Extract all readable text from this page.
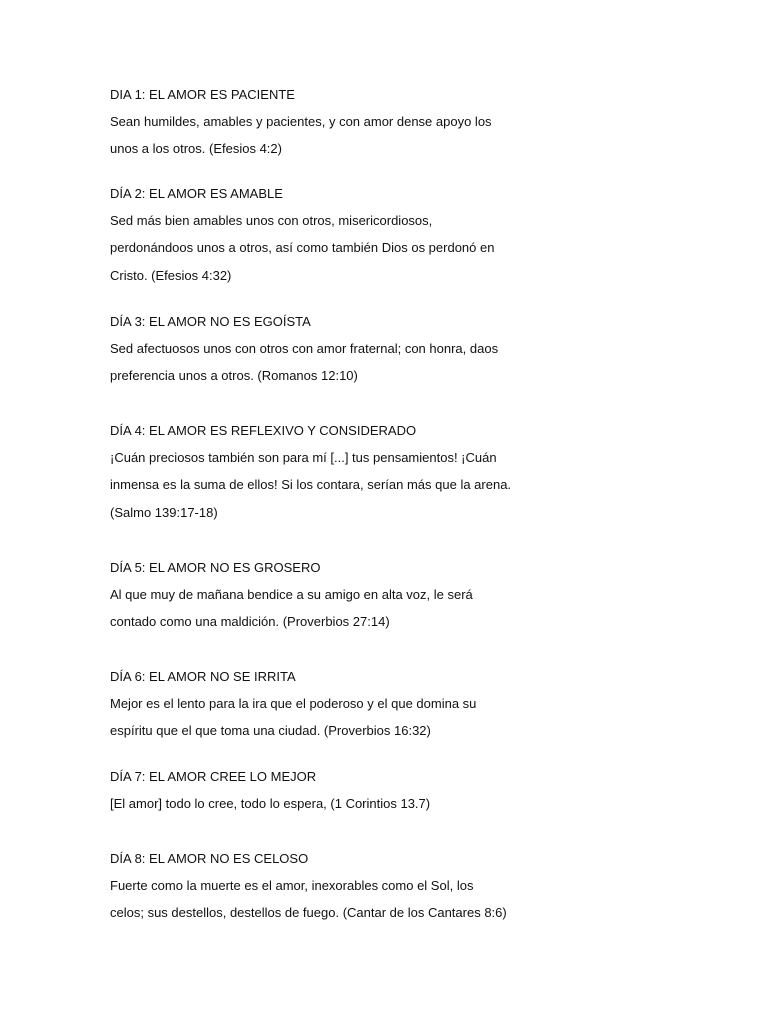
DIA 1: EL AMOR ES PACIENTE
Sean humildes, amables y pacientes, y con amor dense apoyo los
unos a los otros. (Efesios 4:2)
DÍA 2: EL AMOR ES AMABLE
Sed más bien amables unos con otros, misericordiosos,
perdonándoos unos a otros, así como también Dios os perdonó en
Cristo. (Efesios 4:32)
DÍA 3: EL AMOR NO ES EGOÍSTA
Sed afectuosos unos con otros con amor fraternal; con honra, daos
preferencia unos a otros. (Romanos 12:10)
DÍA 4: EL AMOR ES REFLEXIVO Y CONSIDERADO
¡Cuán preciosos también son para mí [...] tus pensamientos! ¡Cuán
inmensa es la suma de ellos! Si los contara, serían más que la arena.
(Salmo 139:17-18)
DÍA 5: EL AMOR NO ES GROSERO
Al que muy de mañana bendice a su amigo en alta voz, le será
contado como una maldición. (Proverbios 27:14)
DÍA 6: EL AMOR NO SE IRRITA
Mejor es el lento para la ira que el poderoso y el que domina su
espíritu que el que toma una ciudad. (Proverbios 16:32)
DÍA 7: EL AMOR CREE LO MEJOR
[El amor] todo lo cree, todo lo espera, (1 Corintios 13.7)
DÍA 8: EL AMOR NO ES CELOSO
Fuerte como la muerte es el amor, inexorables como el Sol, los
celos; sus destellos, destellos de fuego. (Cantar de los Cantares 8:6)
